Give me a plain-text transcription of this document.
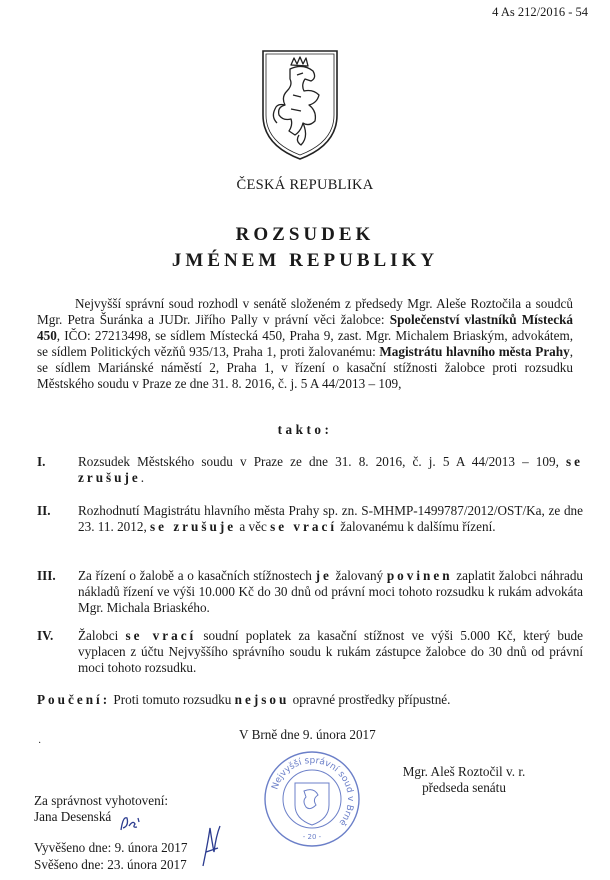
4 As 212/2016 - 54
ČESKÁ REPUBLIKA
ROZSUDEK
JMÉNEM REPUBLIKY
Nejvyšší správní soud rozhodl v senátě složeném z předsedy Mgr. Aleše Roztočila a soudců Mgr. Petra Šuránka a JUDr. Jiřího Pally v právní věci žalobce: Společenství vlastníků Místecká 450, IČO: 27213498, se sídlem Místecká 450, Praha 9, zast. Mgr. Michalem Briaským, advokátem, se sídlem Politických vězňů 935/13, Praha 1, proti žalovanému: Magistrátu hlavního města Prahy, se sídlem Mariánské náměstí 2, Praha 1, v řízení o kasační stížnosti žalobce proti rozsudku Městského soudu v Praze ze dne 31. 8. 2016, č. j. 5 A 44/2013 – 109,
takto:
I. Rozsudek Městského soudu v Praze ze dne 31. 8. 2016, č. j. 5 A 44/2013 – 109, se zrušuje.
II. Rozhodnutí Magistrátu hlavního města Prahy sp. zn. S-MHMP-1499787/2012/OST/Ka, ze dne 23. 11. 2012, se zrušuje a věc se vrací žalovanému k dalšímu řízení.
III. Za řízení o žalobě a o kasačních stížnostech je žalovaný povinen zaplatit žalobci náhradu nákladů řízení ve výši 10.000 Kč do 30 dnů od právní moci tohoto rozsudku k rukám advokáta Mgr. Michala Briaského.
IV. Žalobci se vrací soudní poplatek za kasační stížnost ve výši 5.000 Kč, který bude vyplacen z účtu Nejvyššího správního soudu k rukám zástupce žalobce do 30 dnů od právní moci tohoto rozsudku.
Poučení: Proti tomuto rozsudku nejsou opravné prostředky přípustné.
·
V Brně dne 9. února 2017
Nejvyšší správní soud v Brně
- 20 -
Mgr. Aleš Roztočil v. r.
předseda senátu
Za správnost vyhotovení:
Jana Desenská
Vyvěšeno dne: 9. února 2017
Svěšeno dne: 23. února 2017
